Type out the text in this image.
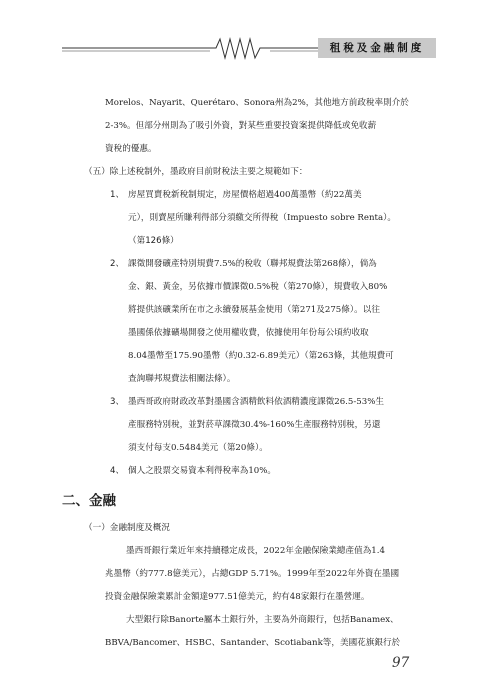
租稅及金融制度
Morelos、Nayarit、Querétaro、Sonora州為2%，其他地方前政稅率則介於
2-3%。但部分州則為了吸引外資，對某些重要投資案提供降低或免收薪
資稅的優惠。
（五）除上述稅制外，墨政府目前財稅法主要之規範如下：
1、 房屋買賣稅新稅制規定，房屋價格超過400萬墨幣（約22萬美
元），則賣屋所賺利得部分須繳交所得稅（Impuesto sobre Renta）。
（第126條）
2、 課徵開發礦產特別規費7.5%的稅收（聯邦規費法第268條），倘為
金、銀、黃金，另依據市價課徵0.5%稅（第270條），規費收入80%
將提供該礦業所在市之永續發展基金使用（第271及275條）。以往
墨國係依據礦場開發之使用權收費，依據使用年份每公頃約收取
8.04墨幣至175.90墨幣（約0.32-6.89美元）（第263條，其他規費可
查詢聯邦規費法相關法條）。
3、 墨西哥政府財政改革對墨國含酒精飲料依酒精濃度課徵26.5-53%生
產服務特別稅，並對菸草課徵30.4%-160%生產服務特別稅，另還
須支付每支0.5484美元（第20條）。
4、 個人之股票交易資本利得稅率為10%。
二、金融
（一）金融制度及概況
墨西哥銀行業近年來持續穩定成長，2022年金融保險業總產值為1.4
兆墨幣（約777.8億美元），占總GDP 5.71%。1999年至2022年外資在墨國
投資金融保險業累計金額達977.51億美元，約有48家銀行在墨營運。
大型銀行除Banorte屬本土銀行外，主要為外商銀行，包括Banamex、
BBVA/Bancomer、HSBC、Santander、Scotiabank等，美國花旗銀行於
97
